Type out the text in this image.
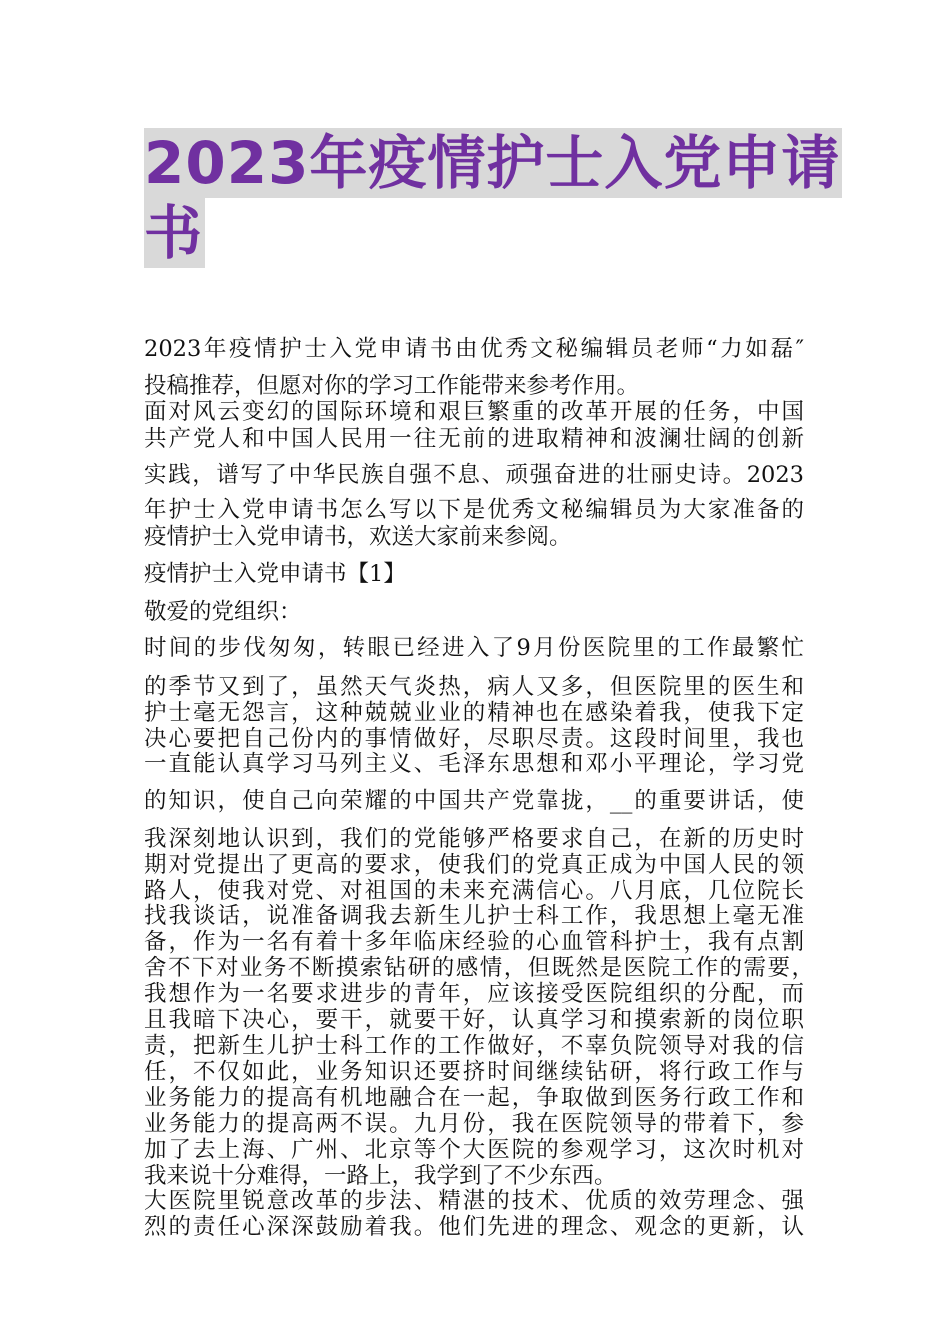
2023年疫情护士入党申请
书
2023年疫情护士入党申请书由优秀文秘编辑员老师“力如磊″
投稿推荐，但愿对你的学习工作能带来参考作用。
面对风云变幻的国际环境和艰巨繁重的改革开展的任务，中国
共产党人和中国人民用一往无前的进取精神和波澜壮阔的创新
实践，谱写了中华民族自强不息、顽强奋进的壮丽史诗。2023
年护士入党申请书怎么写以下是优秀文秘编辑员为大家准备的
疫情护士入党申请书，欢送大家前来参阅。
疫情护士入党申请书【1】
敬爱的党组织：
时间的步伐匆匆，转眼已经进入了9月份医院里的工作最繁忙
的季节又到了，虽然天气炎热，病人又多，但医院里的医生和
护士毫无怨言，这种兢兢业业的精神也在感染着我，使我下定
决心要把自己份内的事情做好，尽职尽责。这段时间里，我也
一直能认真学习马列主义、毛泽东思想和邓小平理论，学习党
的知识，使自己向荣耀的中国共产党靠拢，__的重要讲话，使
我深刻地认识到，我们的党能够严格要求自己，在新的历史时
期对党提出了更高的要求，使我们的党真正成为中国人民的领
路人，使我对党、对祖国的未来充满信心。八月底，几位院长
找我谈话，说准备调我去新生儿护士科工作，我思想上毫无准
备，作为一名有着十多年临床经验的心血管科护士，我有点割
舍不下对业务不断摸索钻研的感情，但既然是医院工作的需要，
我想作为一名要求进步的青年，应该接受医院组织的分配，而
且我暗下决心，要干，就要干好，认真学习和摸索新的岗位职
责，把新生儿护士科工作的工作做好，不辜负院领导对我的信
任，不仅如此，业务知识还要挤时间继续钻研，将行政工作与
业务能力的提高有机地融合在一起，争取做到医务行政工作和
业务能力的提高两不误。九月份，我在医院领导的带着下，参
加了去上海、广州、北京等个大医院的参观学习，这次时机对
我来说十分难得，一路上，我学到了不少东西。
大医院里锐意改革的步法、精湛的技术、优质的效劳理念、强
烈的责任心深深鼓励着我。他们先进的理念、观念的更新，认
